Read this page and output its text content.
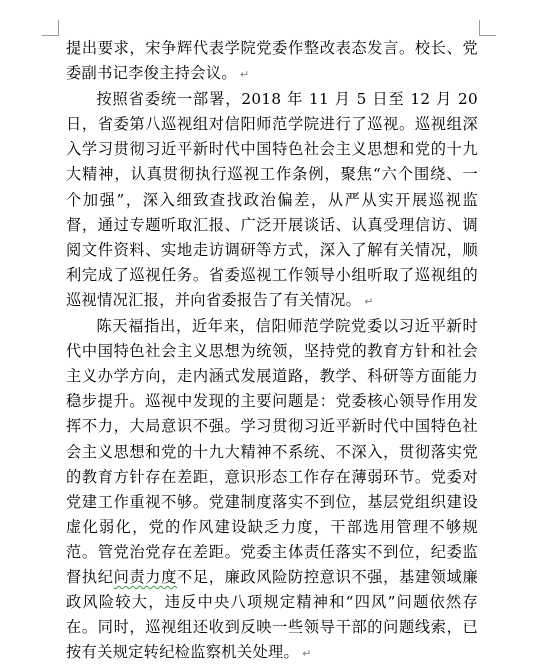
提出要求，宋争辉代表学院党委作整改表态发言。校长、党委副书记李俊主持会议。 ↵

按照省委统一部署，2018 年 11 月 5 日至 12 月 20 日，省委第八巡视组对信阳师范学院进行了巡视。巡视组深入学习贯彻习近平新时代中国特色社会主义思想和党的十九大精神，认真贯彻执行巡视工作条例，聚焦“六个围绕、一个加强”，深入细致查找政治偏差，从严从实开展巡视监督，通过专题听取汇报、广泛开展谈话、认真受理信访、调阅文件资料、实地走访调研等方式，深入了解有关情况，顺利完成了巡视任务。省委巡视工作领导小组听取了巡视组的巡视情况汇报，并向省委报告了有关情况。 ↵

陈天福指出，近年来，信阳师范学院党委以习近平新时代中国特色社会主义思想为统领，坚持党的教育方针和社会主义办学方向，走内涵式发展道路，教学、科研等方面能力稳步提升。巡视中发现的主要问题是：党委核心领导作用发挥不力，大局意识不强。学习贯彻习近平新时代中国特色社会主义思想和党的十九大精神不系统、不深入，贯彻落实党的教育方针存在差距，意识形态工作存在薄弱环节。党委对党建工作重视不够。党建制度落实不到位，基层党组织建设虚化弱化，党的作风建设缺乏力度，干部选用管理不够规范。管党治党存在差距。党委主体责任落实不到位，纪委监督执纪问责力度不足，廉政风险防控意识不强，基建领域廉政风险较大，违反中央八项规定精神和“四风”问题依然存在。同时，巡视组还收到反映一些领导干部的问题线索，已按有关规定转纪检监察机关处理。 ↵
